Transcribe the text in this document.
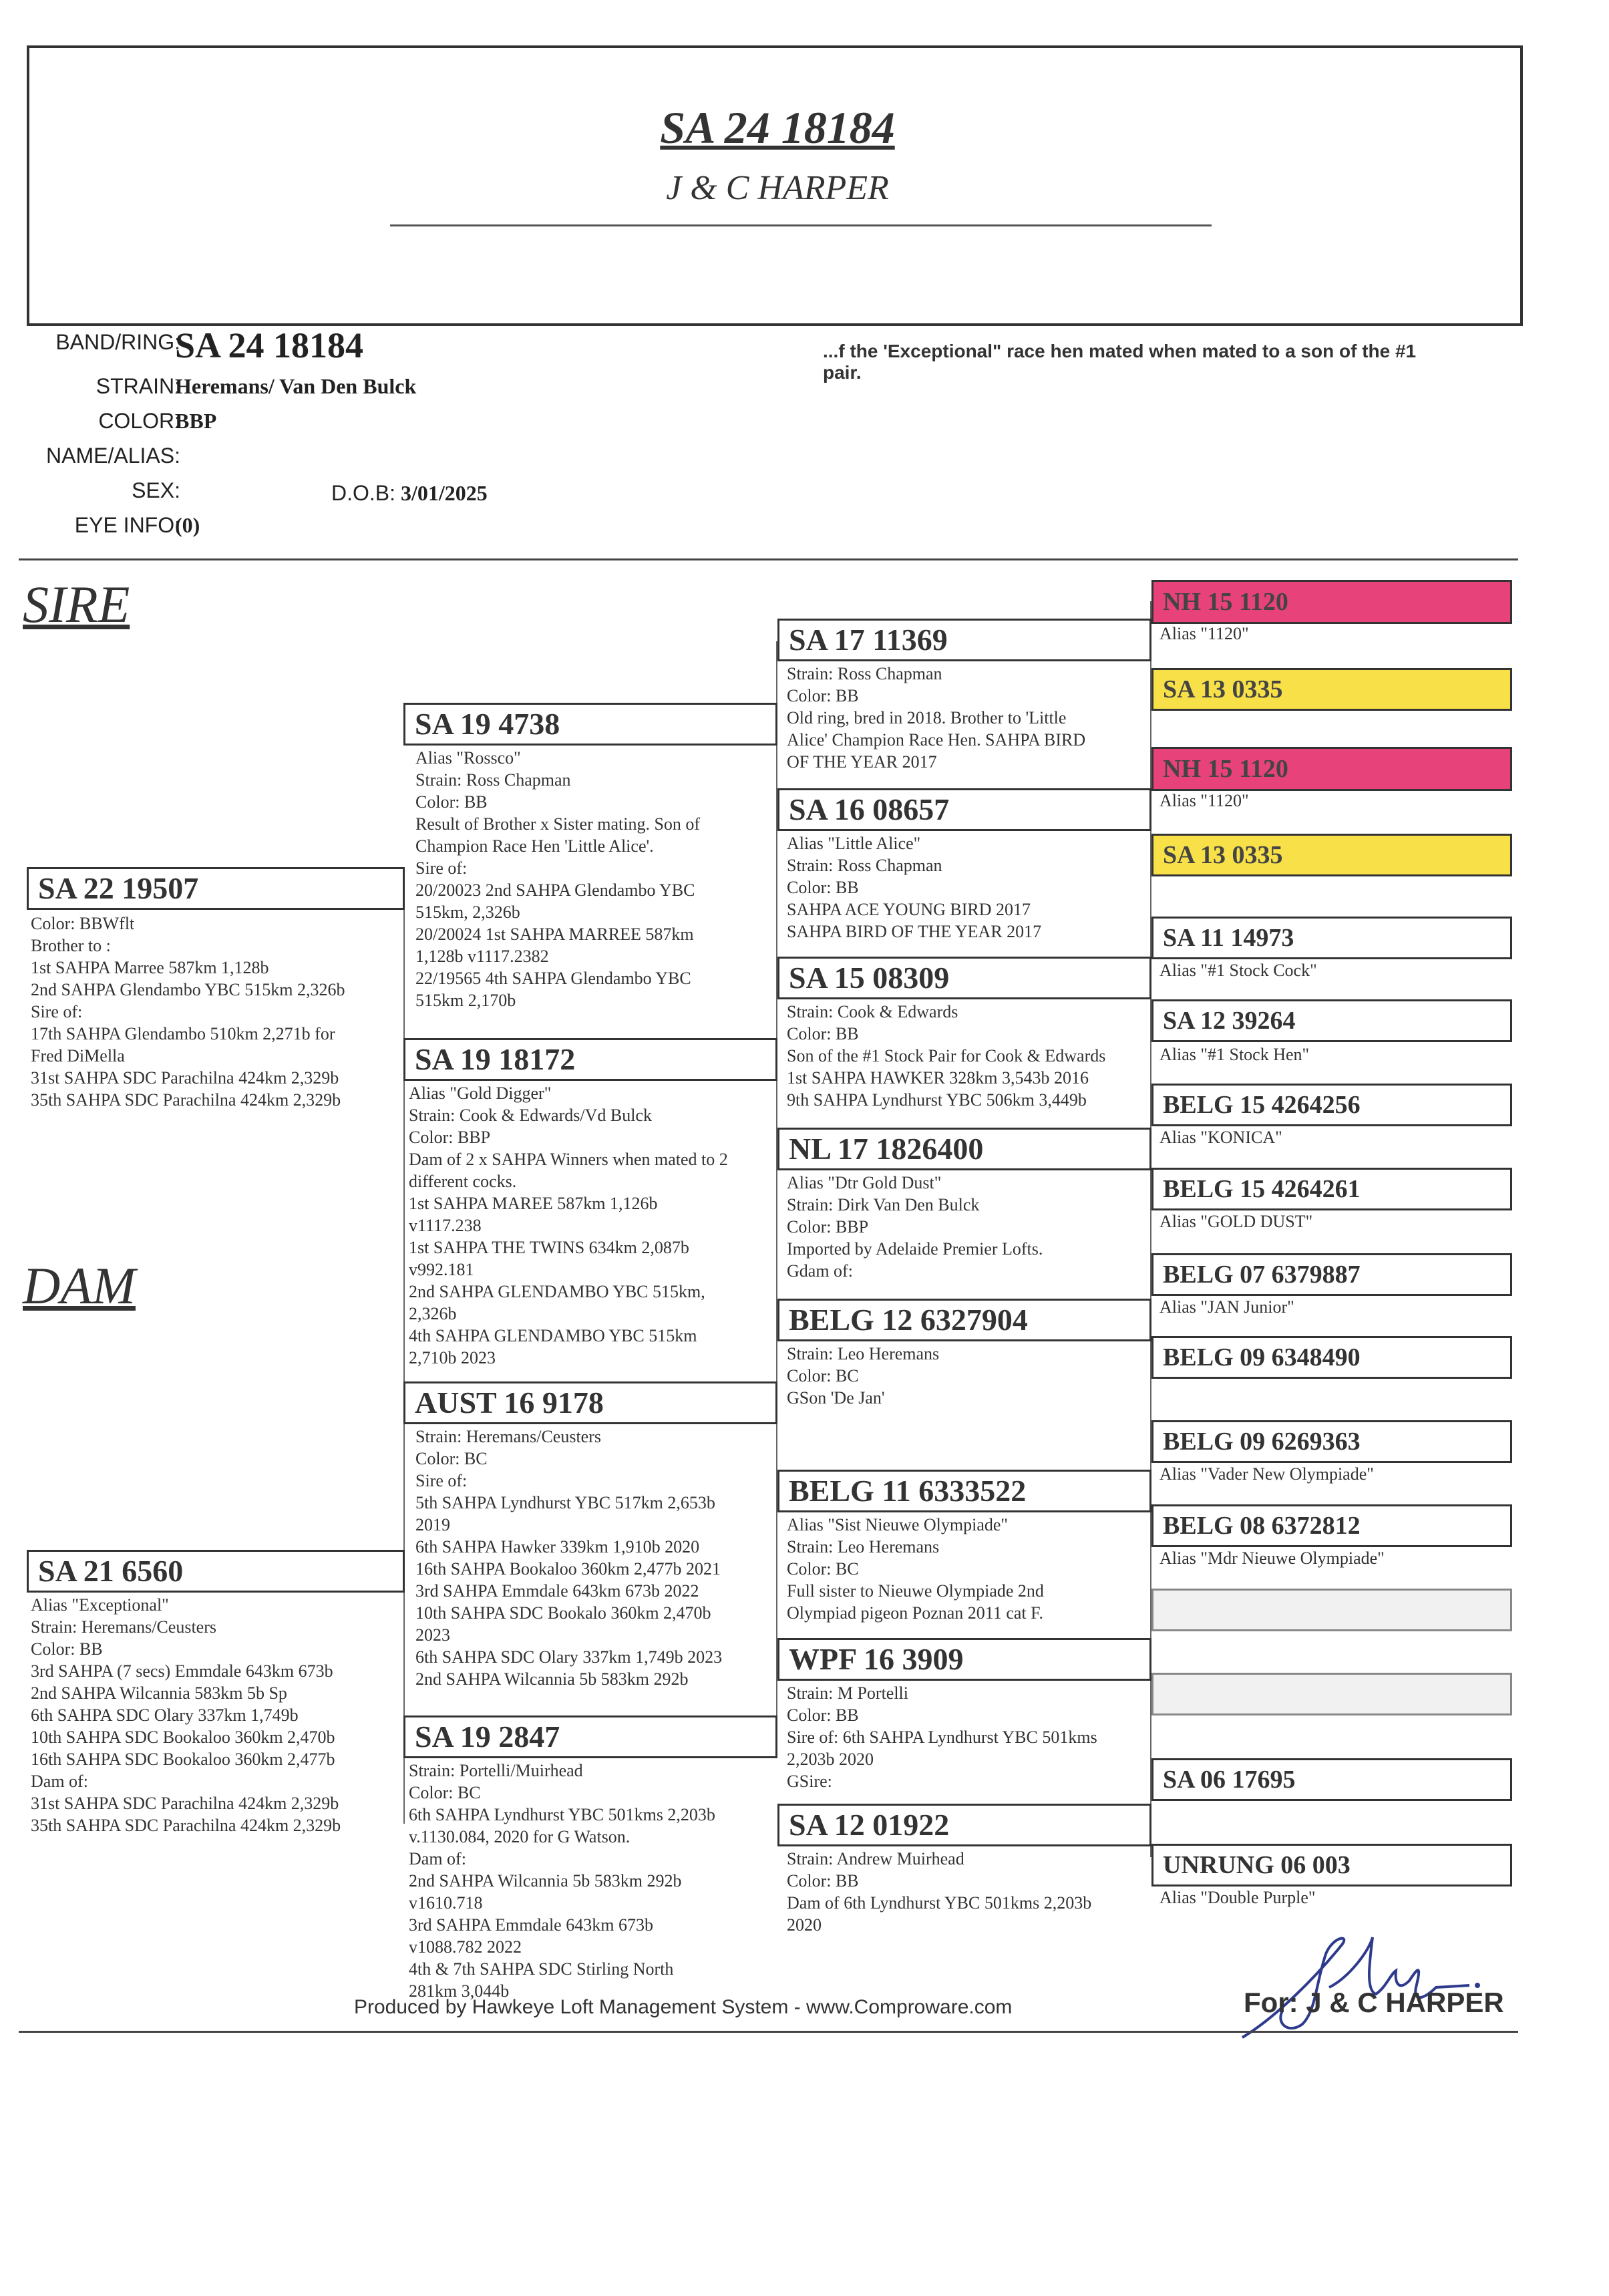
SA 24 18184
J & C HARPER
BAND/RING:
SA 24 18184
STRAIN:
Heremans/ Van Den Bulck
COLOR:
BBP
NAME/ALIAS:
SEX:	D.O.B: 3/01/2025
EYE INFO:
(0)
...f the 'Exceptional" race hen mated when mated to a son of the #1
pair.
SIRE
DAM
SA 22 19507
Color: BBWflt
Brother to :
1st SAHPA Marree 587km 1,128b
2nd SAHPA Glendambo YBC 515km 2,326b
Sire of:
17th SAHPA Glendambo 510km 2,271b for
Fred DiMella
31st SAHPA SDC Parachilna 424km 2,329b
35th SAHPA SDC Parachilna 424km 2,329b
SA 21 6560
Alias "Exceptional"
Strain: Heremans/Ceusters
Color: BB
3rd SAHPA (7 secs) Emmdale 643km 673b
2nd SAHPA Wilcannia 583km 5b Sp
6th SAHPA SDC Olary 337km 1,749b
10th SAHPA SDC Bookaloo 360km 2,470b
16th SAHPA SDC Bookaloo 360km 2,477b
Dam of:
31st SAHPA SDC Parachilna 424km 2,329b
35th SAHPA SDC Parachilna 424km 2,329b
SA 19 4738
Alias "Rossco"
Strain: Ross Chapman
Color: BB
Result of Brother x Sister mating. Son of
Champion Race Hen 'Little Alice'.
Sire of:
20/20023 2nd SAHPA Glendambo YBC
515km, 2,326b
20/20024 1st SAHPA MARREE 587km
1,128b v1117.2382
22/19565 4th SAHPA Glendambo YBC
515km 2,170b
SA 19 18172
Alias "Gold Digger"
Strain: Cook & Edwards/Vd Bulck
Color: BBP
Dam of 2 x SAHPA Winners when mated to 2
different cocks.
1st SAHPA MAREE 587km 1,126b
v1117.238
1st SAHPA THE TWINS 634km 2,087b
v992.181
2nd SAHPA GLENDAMBO YBC 515km,
2,326b
4th SAHPA GLENDAMBO YBC 515km
2,710b 2023
AUST 16 9178
Strain: Heremans/Ceusters
Color: BC
Sire of:
5th SAHPA Lyndhurst YBC 517km 2,653b
2019
6th SAHPA Hawker 339km 1,910b 2020
16th SAHPA Bookaloo 360km 2,477b 2021
3rd SAHPA Emmdale 643km 673b 2022
10th SAHPA SDC Bookalo 360km 2,470b
2023
6th SAHPA SDC Olary 337km 1,749b 2023
2nd SAHPA Wilcannia 5b 583km 292b
SA 19 2847
Strain: Portelli/Muirhead
Color: BC
6th SAHPA Lyndhurst YBC 501kms 2,203b
v.1130.084, 2020 for G Watson.
Dam of:
2nd SAHPA Wilcannia 5b 583km 292b
v1610.718
3rd SAHPA Emmdale 643km 673b
v1088.782 2022
4th & 7th SAHPA SDC Stirling North
281km 3,044b
SA 17 11369
Strain: Ross Chapman
Color: BB
Old ring, bred in 2018. Brother to 'Little
Alice' Champion Race Hen. SAHPA BIRD
OF THE YEAR 2017
SA 16 08657
Alias "Little Alice"
Strain: Ross Chapman
Color: BB
SAHPA ACE YOUNG BIRD 2017
SAHPA BIRD OF THE YEAR 2017
SA 15 08309
Strain: Cook & Edwards
Color: BB
Son of the #1 Stock Pair for Cook & Edwards
1st SAHPA HAWKER 328km 3,543b 2016
9th SAHPA Lyndhurst YBC 506km 3,449b
NL 17 1826400
Alias "Dtr Gold Dust"
Strain: Dirk Van Den Bulck
Color: BBP
Imported by Adelaide Premier Lofts.
Gdam of:
BELG 12 6327904
Strain: Leo Heremans
Color: BC
GSon 'De Jan'
BELG 11 6333522
Alias "Sist Nieuwe Olympiade"
Strain: Leo Heremans
Color: BC
Full sister to Nieuwe Olympiade 2nd
Olympiad pigeon Poznan 2011 cat F.
WPF 16 3909
Strain: M Portelli
Color: BB
Sire of: 6th SAHPA Lyndhurst YBC 501kms
2,203b 2020
GSire:
SA 12 01922
Strain: Andrew Muirhead
Color: BB
Dam of 6th Lyndhurst YBC 501kms 2,203b
2020
NH 15 1120
Alias "1120"
SA 13 0335
NH 15 1120
Alias "1120"
SA 13 0335
SA 11 14973
Alias "#1 Stock Cock"
SA 12 39264
Alias "#1 Stock Hen"
BELG 15 4264256
Alias "KONICA"
BELG 15 4264261
Alias "GOLD DUST"
BELG 07 6379887
Alias "JAN Junior"
BELG 09 6348490
BELG 09 6269363
Alias "Vader New Olympiade"
BELG 08 6372812
Alias "Mdr Nieuwe Olympiade"
SA 06 17695
UNRUNG 06 003
Alias "Double Purple"
Produced by Hawkeye Loft Management System - www.Comproware.com	For: J & C HARPER
